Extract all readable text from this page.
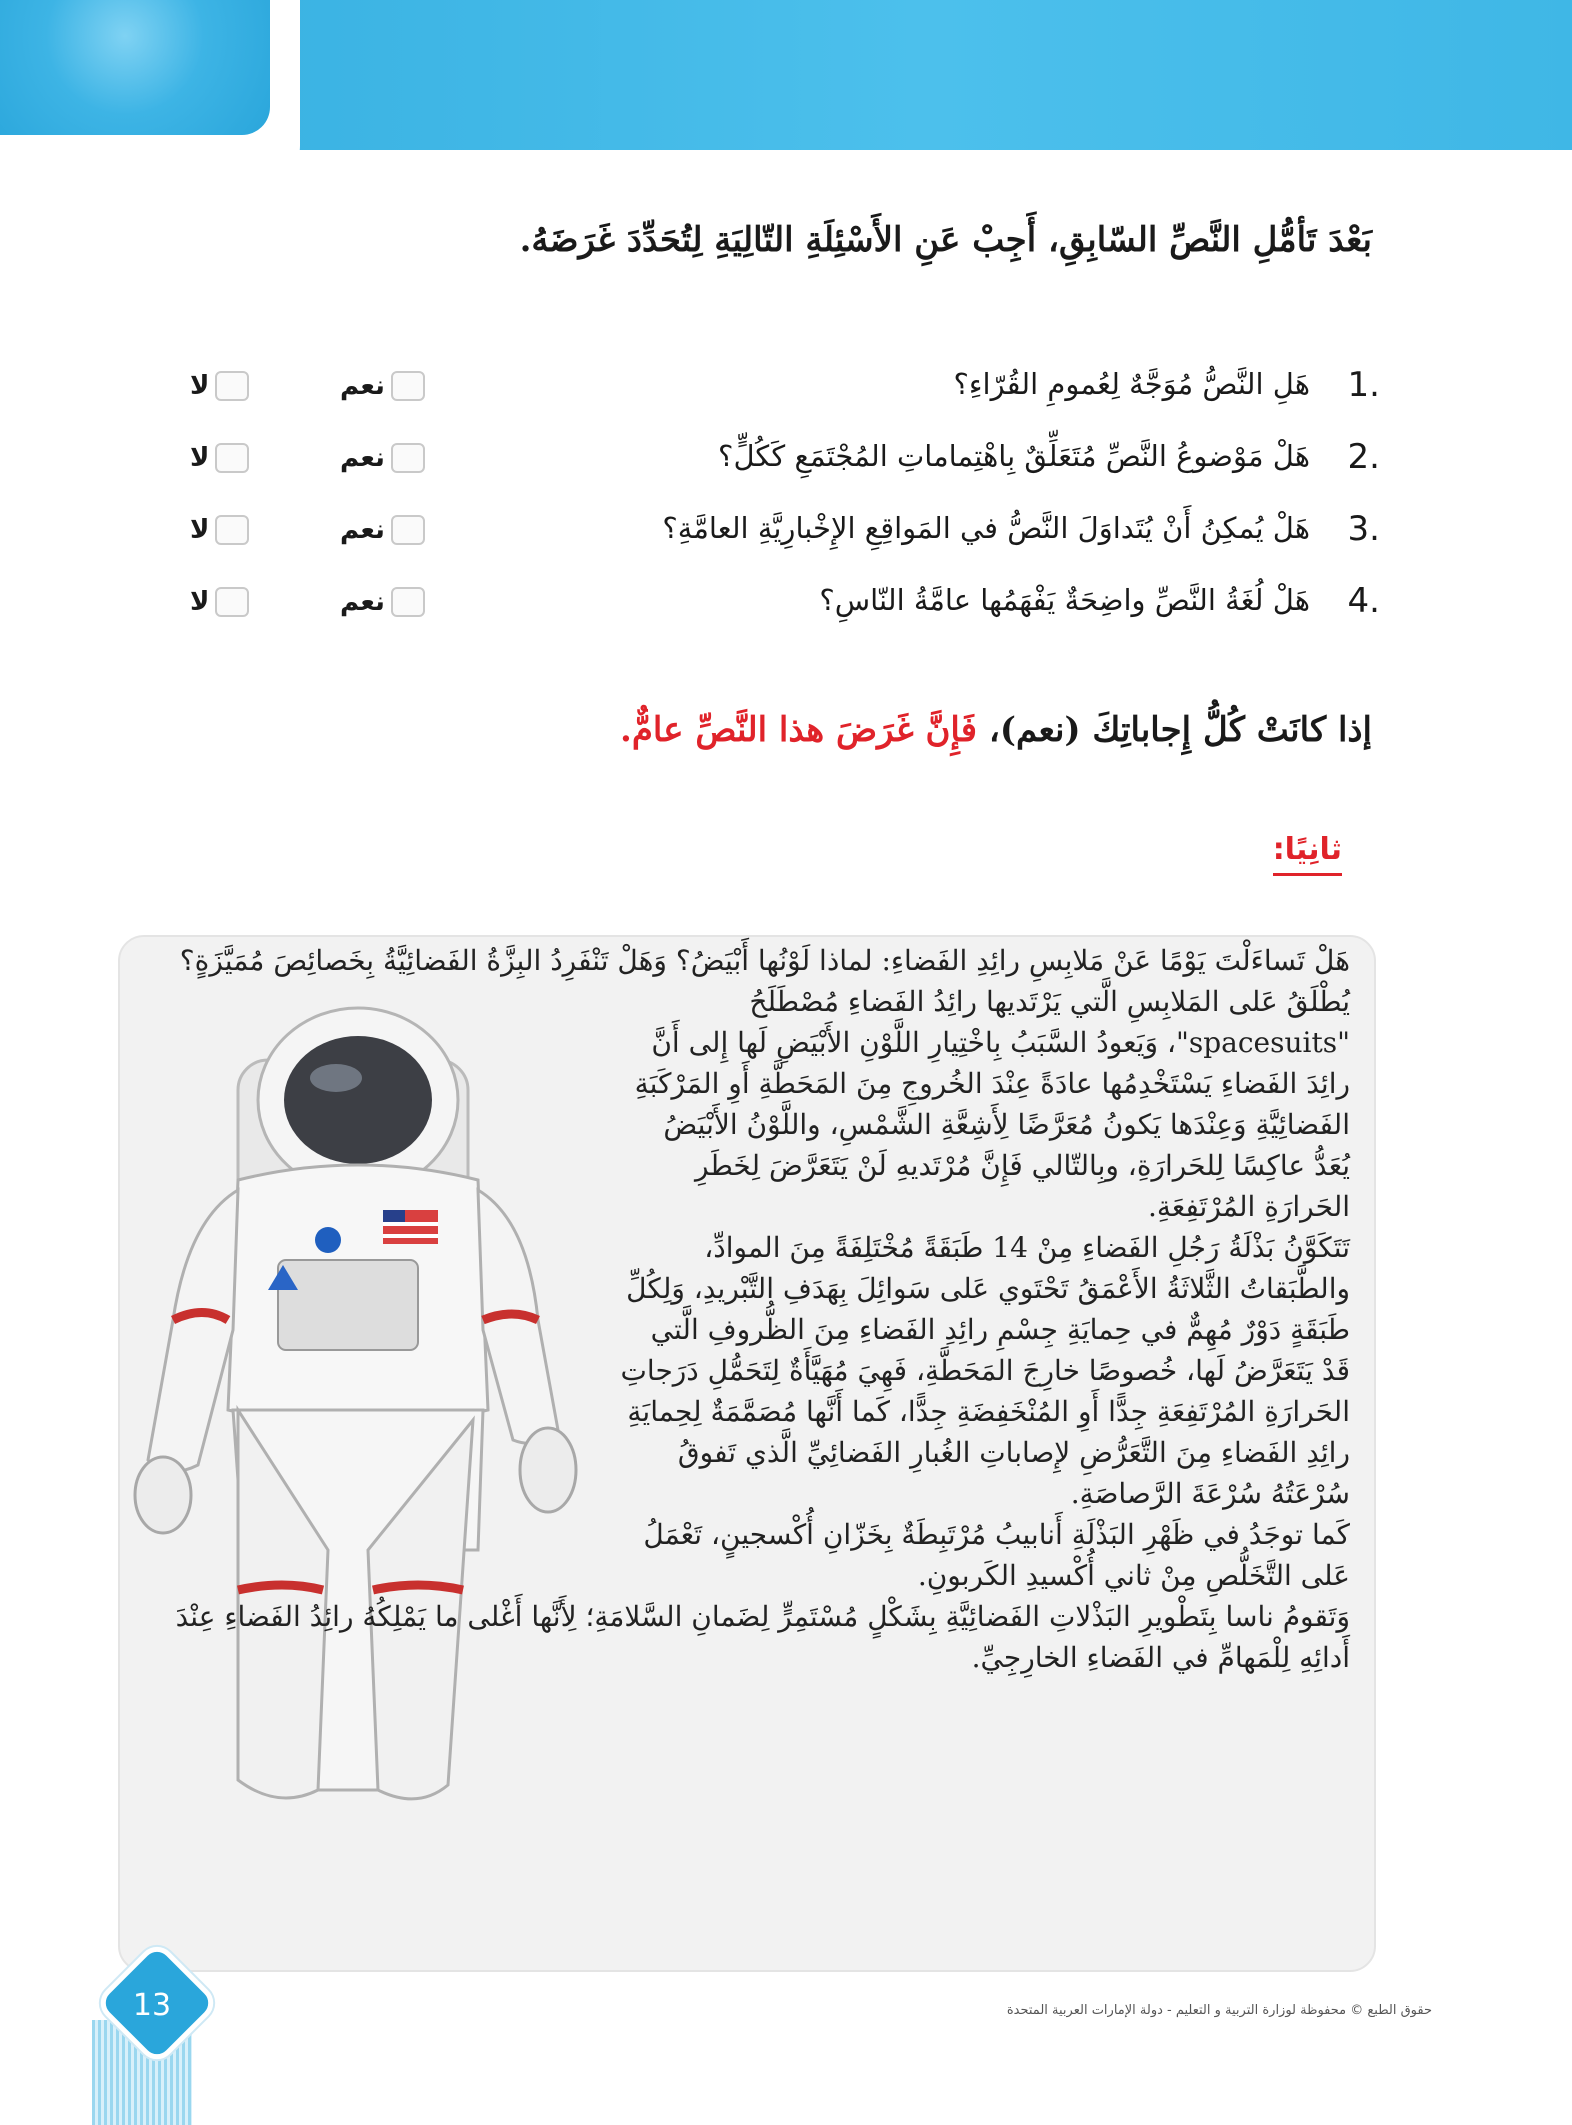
بَعْدَ تَأمُّلِ النَّصِّ السّابِقِ، أَجِبْ عَنِ الأَسْئِلَةِ التّالِيَةِ لِتُحَدِّدَ غَرَضَهُ.
1.
هَلِ النَّصُّ مُوَجَّهٌ لِعُمومِ القُرّاءِ؟
نعم
لا
2.
هَلْ مَوْضوعُ النَّصِّ مُتَعَلِّقٌ بِاهْتِماماتِ المُجْتَمَعِ كَكُلٍّ؟
نعم
لا
3.
هَلْ يُمكِنُ أَنْ يُتَداوَلَ النَّصُّ في المَواقِعِ الإِخْبارِيَّةِ العامَّةِ؟
نعم
لا
4.
هَلْ لُغَةُ النَّصِّ واضِحَةٌ يَفْهَمُها عامَّةُ النّاسِ؟
نعم
لا
إذا كانَتْ كُلُّ إِجاباتِكَ (نعم)، فَإِنَّ غَرَضَ هذا النَّصِّ عامٌّ.
ثانِيًا:

هَلْ تَساءَلْتَ يَوْمًا عَنْ مَلابِسِ رائِدِ الفَضاءِ: لماذا لَوْنُها أَبْيَضُ؟ وَهَلْ تَنْفَرِدُ البِزَّةُ الفَضائِيَّةُ بِخَصائِصَ مُمَيَّزَةٍ؟

يُطْلَقُ عَلى المَلابِسِ الَّتي يَرْتَديها رائِدُ الفَضاءِ مُصْطَلَحُ "spacesuits"، وَيَعودُ السَّبَبُ بِاخْتِيارِ اللَّوْنِ الأَبْيَضِ لَها إِلى أَنَّ رائِدَ الفَضاءِ يَسْتَخْدِمُها عادَةً عِنْدَ الخُروجِ مِنَ المَحَطَّةِ أَوِ المَرْكَبَةِ الفَضائِيَّةِ وَعِنْدَها يَكونُ مُعَرَّضًا لِأَشِعَّةِ الشَّمْسِ، واللَّوْنُ الأَبْيَضُ يُعَدُّ عاكِسًا لِلحَرارَةِ، وبِالتّالي فَإِنَّ مُرْتَديهِ لَنْ يَتَعَرَّضَ لِخَطَرِ الحَرارَةِ المُرْتَفِعَةِ.

تَتَكَوَّنُ بَذْلَةُ رَجُلِ الفَضاءِ مِنْ 14 طَبَقَةً مُخْتَلِفَةً مِنَ الموادِّ، والطَّبَقاتُ الثَّلاثَةُ الأَعْمَقُ تَحْتَوي عَلى سَوائِلَ بِهَدَفِ التَّبْريدِ، وَلِكُلِّ طَبَقَةٍ دَوْرٌ مُهِمٌّ في حِمايَةِ جِسْمِ رائِدِ الفَضاءِ مِنَ الظُّروفِ الَّتي قَدْ يَتَعَرَّضُ لَها، خُصوصًا خارِجَ المَحَطَّةِ، فَهِيَ مُهَيَّأَةٌ لِتَحَمُّلِ دَرَجاتِ الحَرارَةِ المُرْتَفِعَةِ جِدًّا أَوِ المُنْخَفِضَةِ جِدًّا، كَما أَنَّها مُصَمَّمَةٌ لِحِمايَةِ رائِدِ الفَضاءِ مِنَ التَّعَرُّضِ لإِصاباتِ الغُبارِ الفَضائِيِّ الَّذي تَفوقُ سُرْعَتُهُ سُرْعَةَ الرَّصاصَةِ.

كَما توجَدُ في ظَهْرِ البَذْلَةِ أَنابيبُ مُرْتَبِطَةٌ بِخَزّانِ أُكْسجينٍ، تَعْمَلُ عَلى التَّخَلُّصِ مِنْ ثاني أُكْسيدِ الكَربونِ.

وَتَقومُ ناسا بِتَطْويرِ البَذْلاتِ الفَضائِيَّةِ بِشَكْلٍ مُسْتَمِرٍّ لِضَمانِ السَّلامَةِ؛ لِأَنَّها أَغْلى ما يَمْلِكُهُ رائِدُ الفَضاءِ عِنْدَ أَدائِهِ لِلْمَهامِّ في الفَضاءِ الخارِجِيِّ.

13	حقوق الطبع © محفوظة لوزارة التربية و التعليم - دولة الإمارات العربية المتحدة
